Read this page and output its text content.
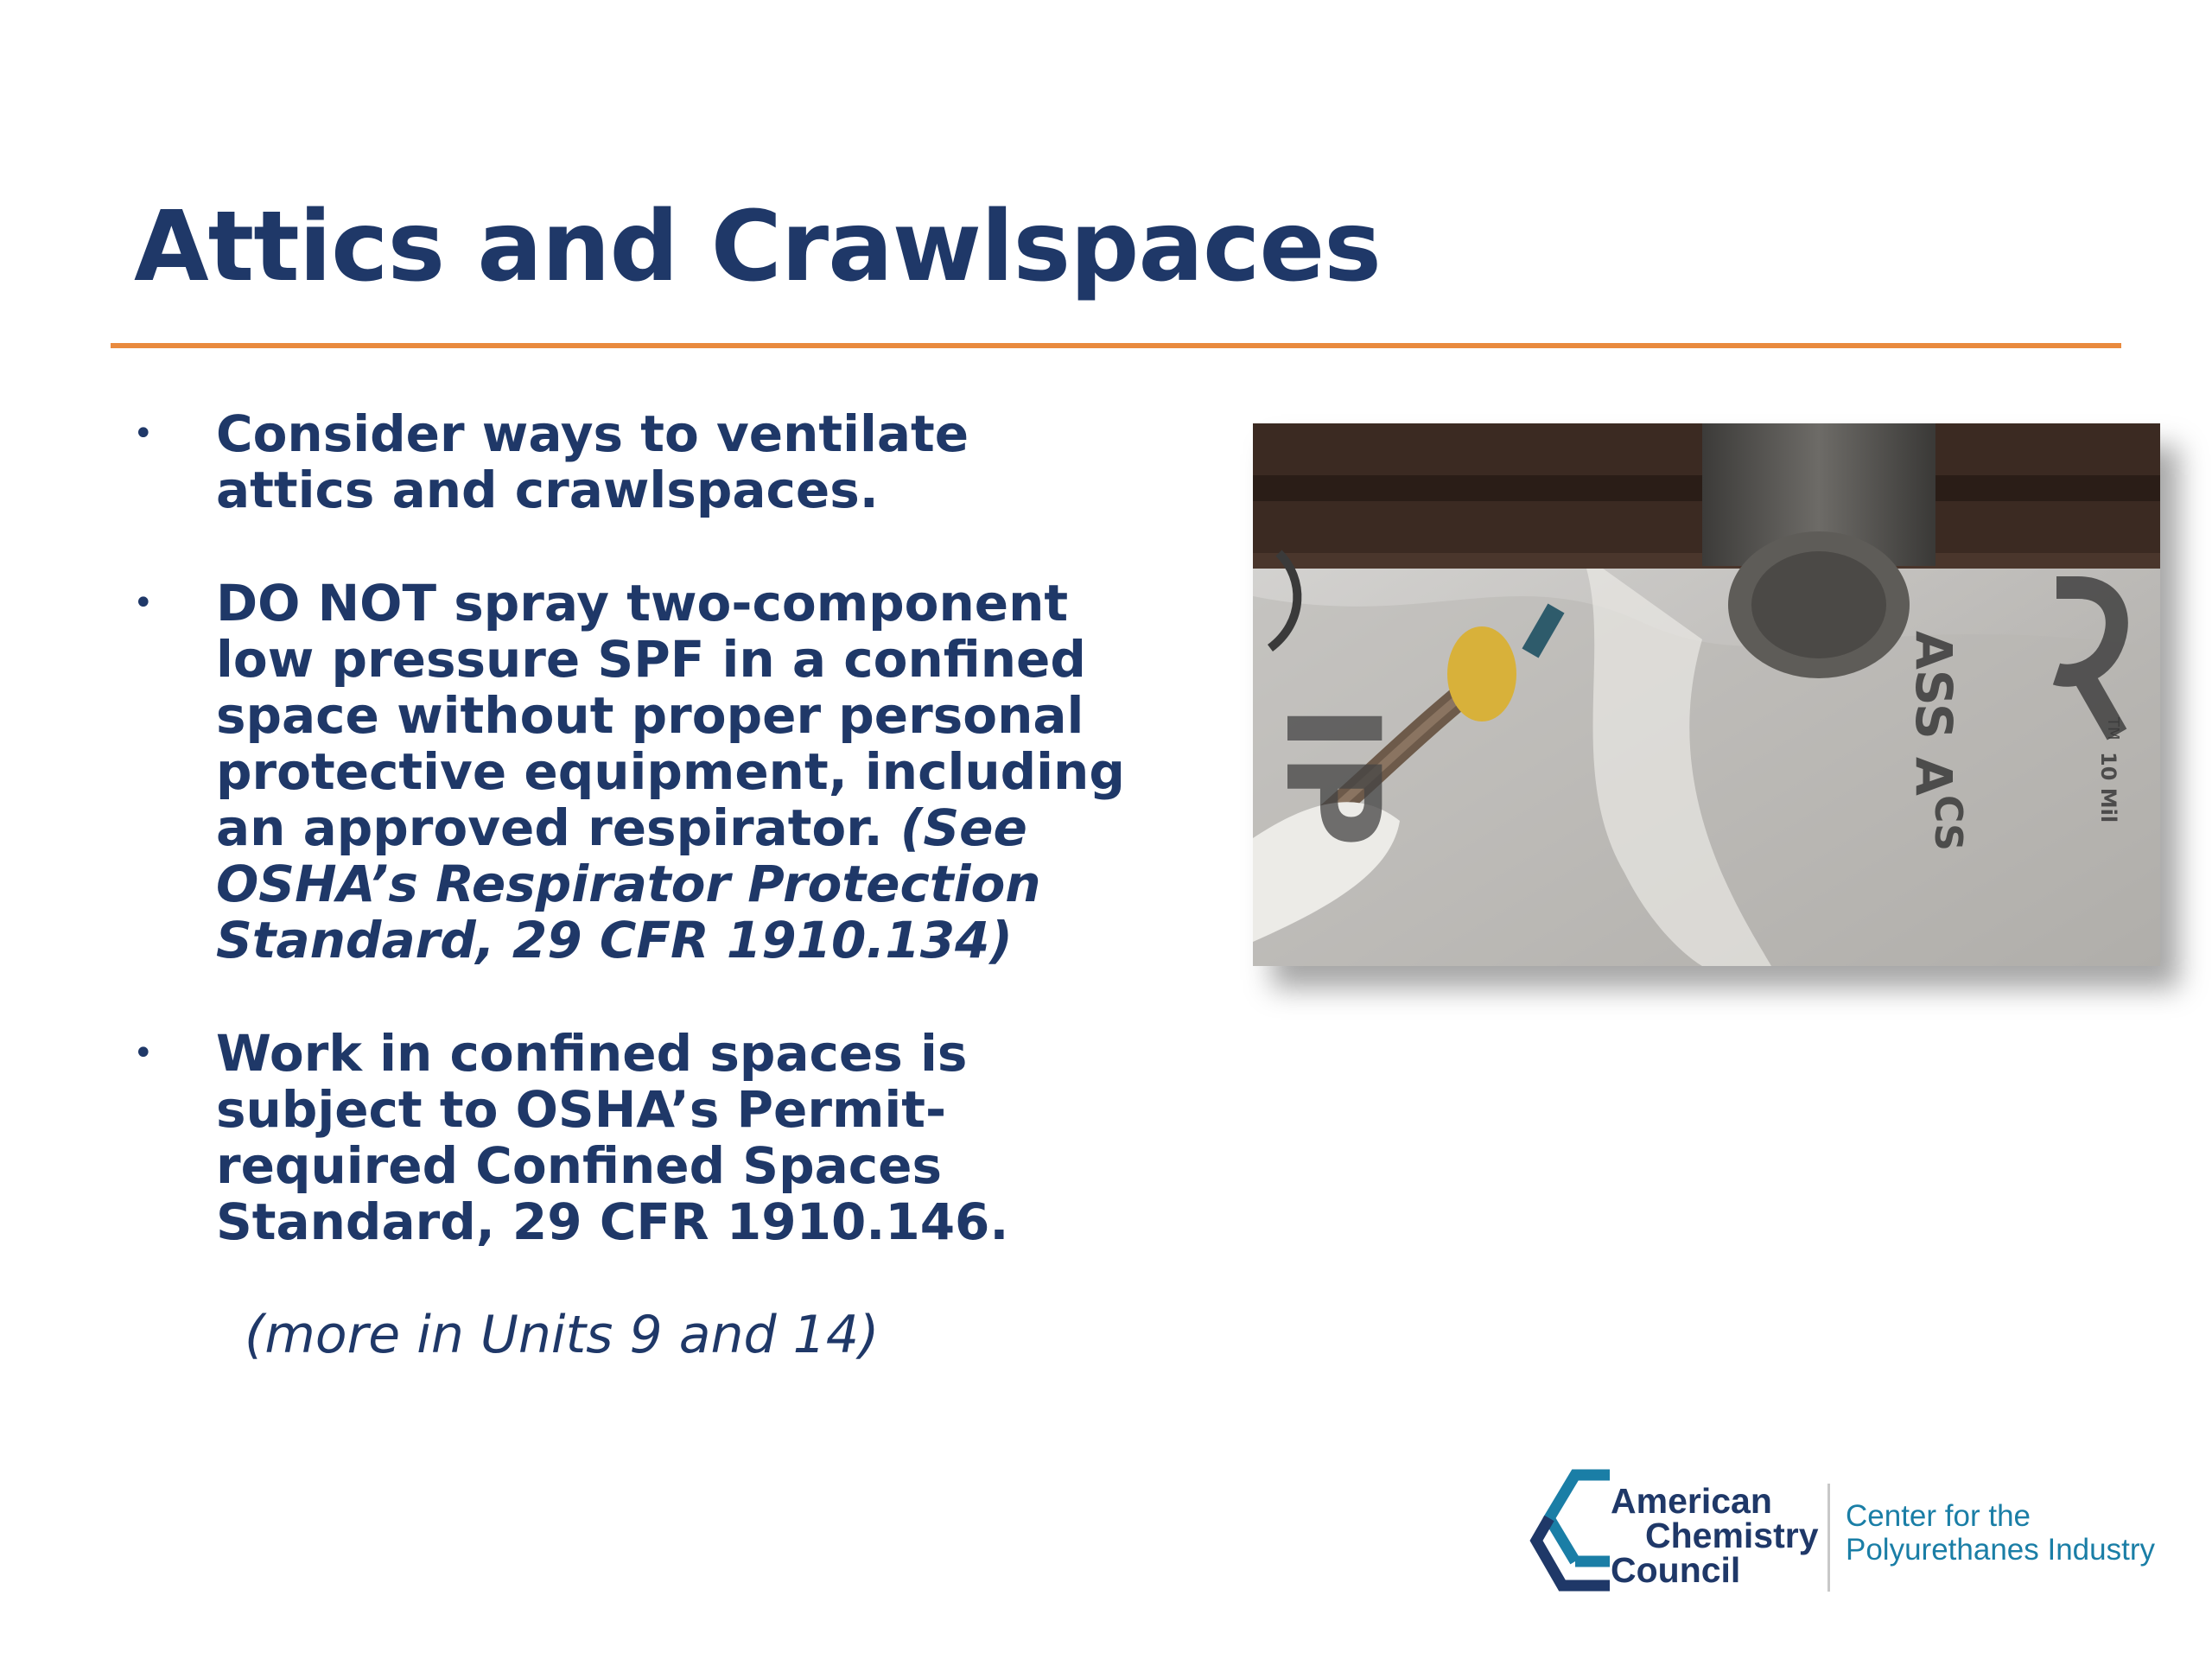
Attics and Crawlspaces
• Consider ways to ventilate attics and crawlspaces.
• DO NOT spray two-component low pressure SPF in a confined space without proper personal protective equipment, including an approved respirator. (See OSHA’s Respirator Protection Standard, 29 CFR 1910.134)
• Work in confined spaces is subject to OSHA’s Permit-required Confined Spaces Standard, 29 CFR 1910.146.
(more in Units 9 and 14)
IP	ASS A
CS
10 Mil
TM
American
Chemistry
Council
Center for the
Polyurethanes Industry
